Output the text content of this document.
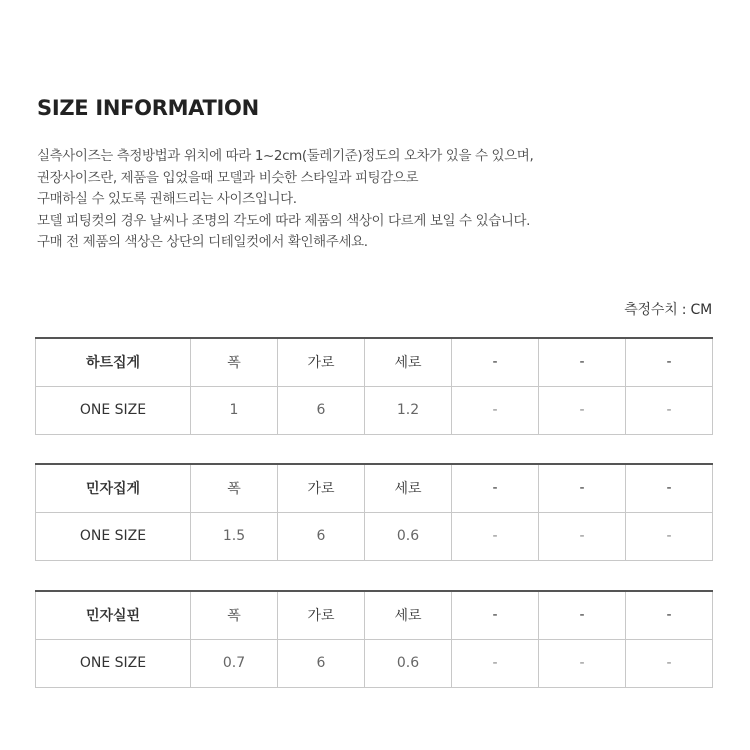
SIZE INFORMATION
실측사이즈는 측정방법과 위치에 따라 1~2cm(둘레기준)정도의 오차가 있을 수 있으며,
권장사이즈란, 제품을 입었을때 모델과 비슷한 스타일과 피팅감으로
구매하실 수 있도록 권해드리는 사이즈입니다.
모델 피팅컷의 경우 날씨나 조명의 각도에 따라 제품의 색상이 다르게 보일 수 있습니다.
구매 전 제품의 색상은 상단의 디테일컷에서 확인해주세요.
측정수치 : CM
하트집게	폭	가로	세로	-	-	-
ONE SIZE	1	6	1.2	-	-	-
민자집게	폭	가로	세로	-	-	-
ONE SIZE	1.5	6	0.6	-	-	-
민자실핀	폭	가로	세로	-	-	-
ONE SIZE	0.7	6	0.6	-	-	-
